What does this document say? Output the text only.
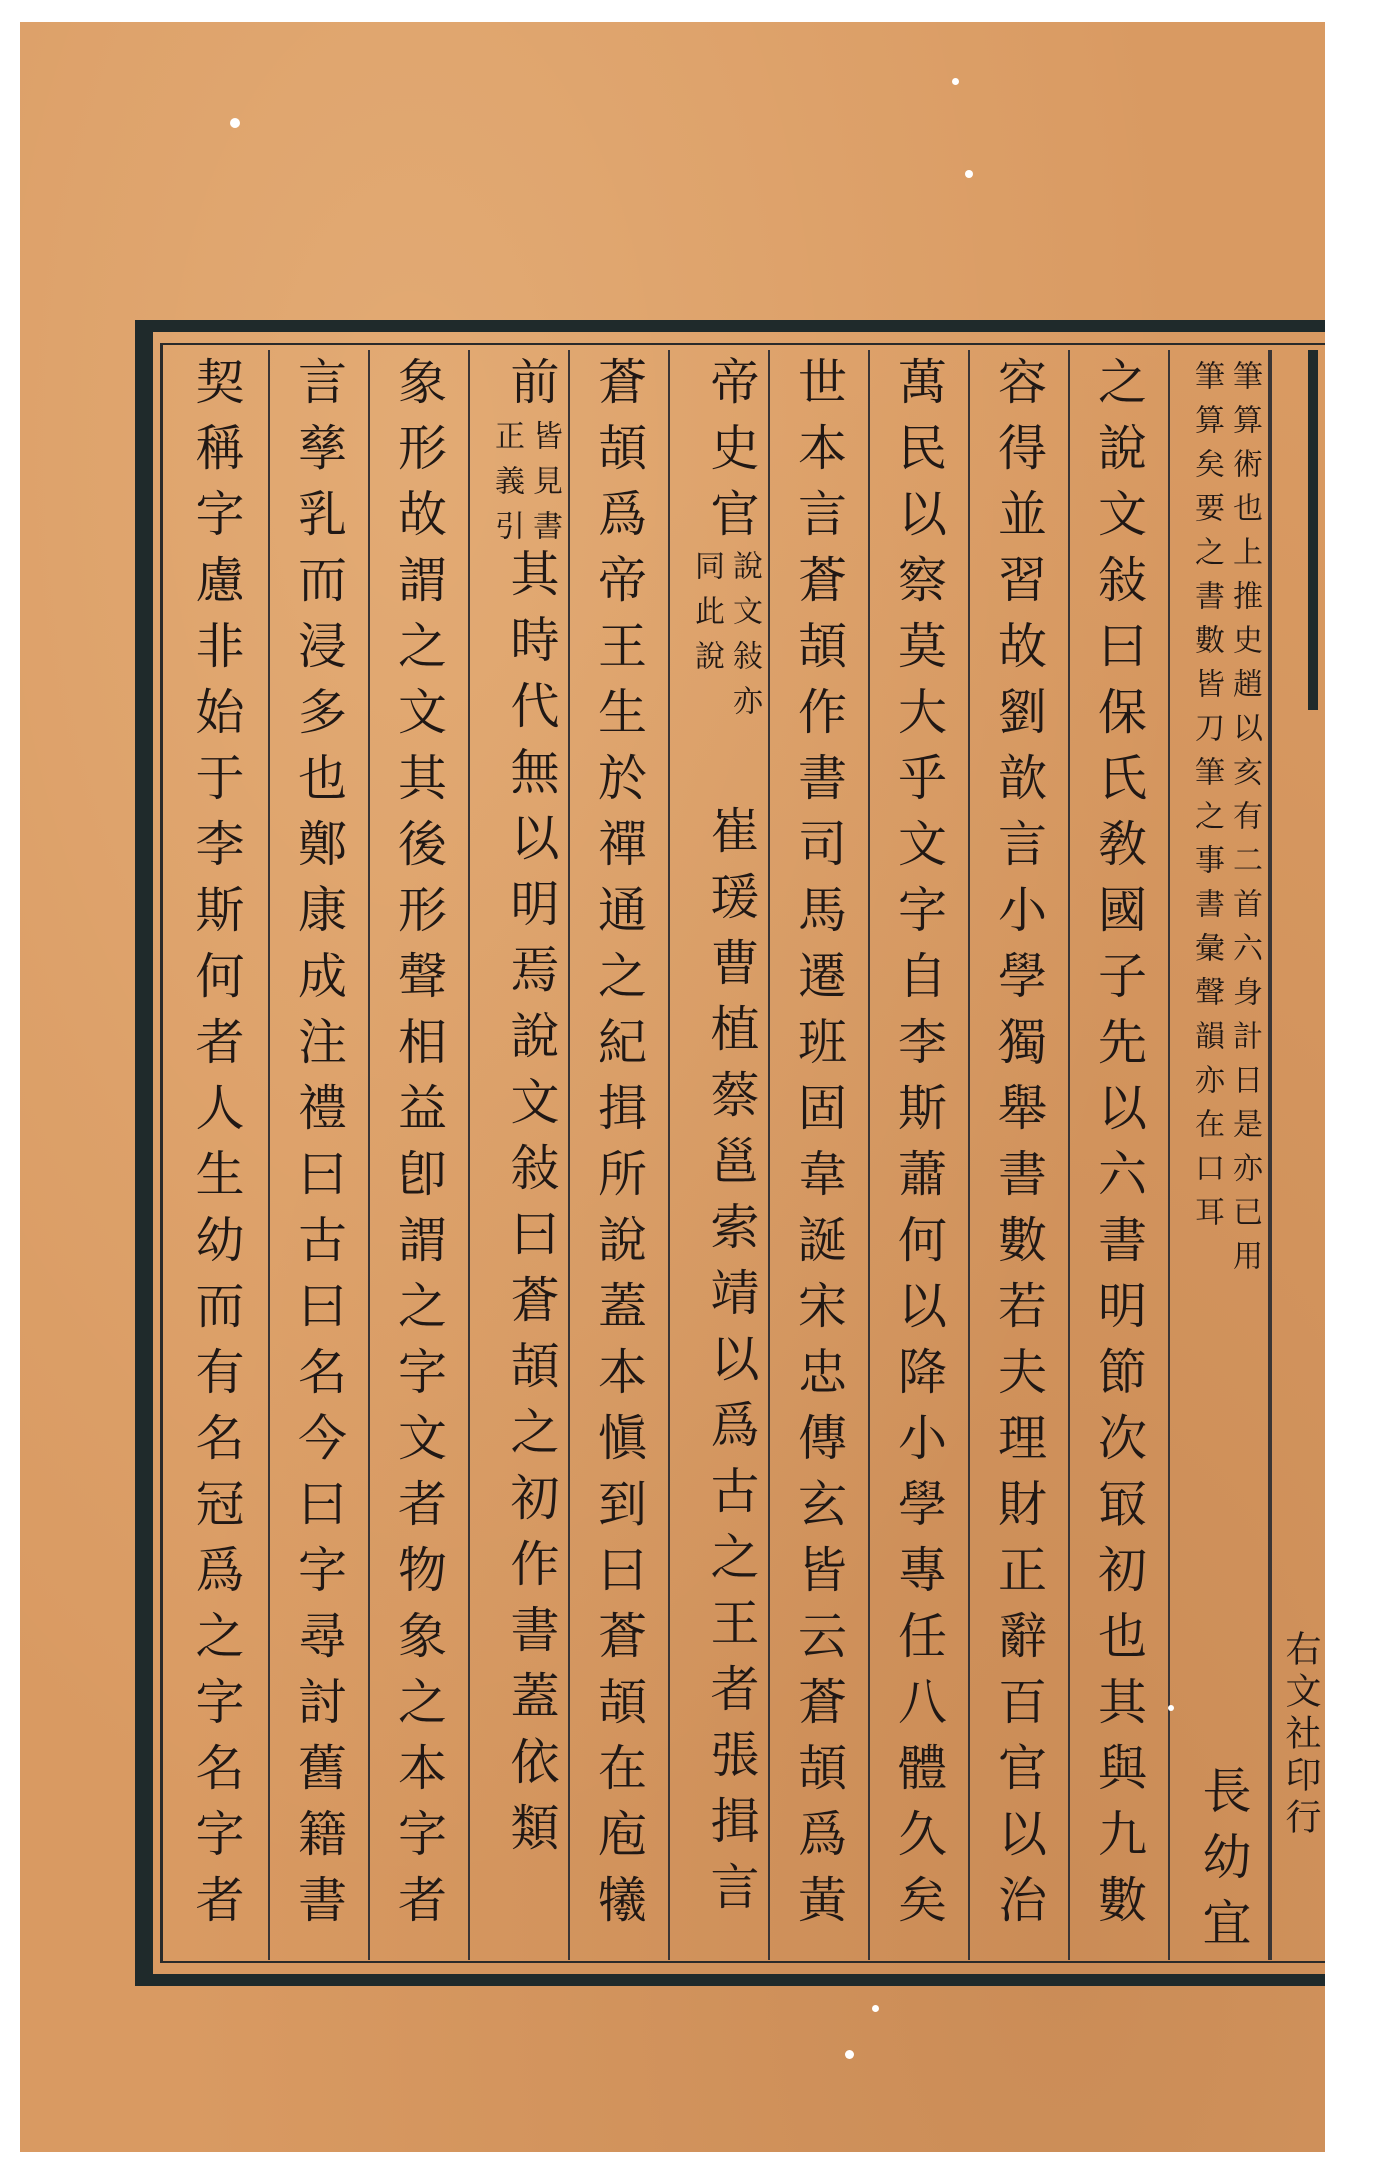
右文社印行
筆算術也上推史趙以亥有二首六身計日是亦已用
筆算矣要之書數皆刀筆之事書彙聲韻亦在口耳
長幼宜
之說文敍曰保氏敎國子先以六書明節次冣初也其與九數
容得並習故劉歆言小學獨舉書數若夫理財正辭百官以治
萬民以察莫大乎文字自李斯蕭何以降小學專任八體久矣
世本言蒼頡作書司馬遷班固韋誕宋忠傳玄皆云蒼頡爲黃
帝史官
說文敍亦
同此說
崔瑗曹植蔡邕索靖以爲古之王者張揖言
蒼頡爲帝王生於禪通之紀揖所說蓋本愼到曰蒼頡在庖犧
前
皆見書
正義引
其時代無以明焉說文敍曰蒼頡之初作書蓋依類
象形故謂之文其後形聲相益卽謂之字文者物象之本字者
言孳乳而浸多也鄭康成注禮曰古曰名今曰字尋討舊籍書
契稱字慮非始于李斯何者人生幼而有名冠爲之字名字者
